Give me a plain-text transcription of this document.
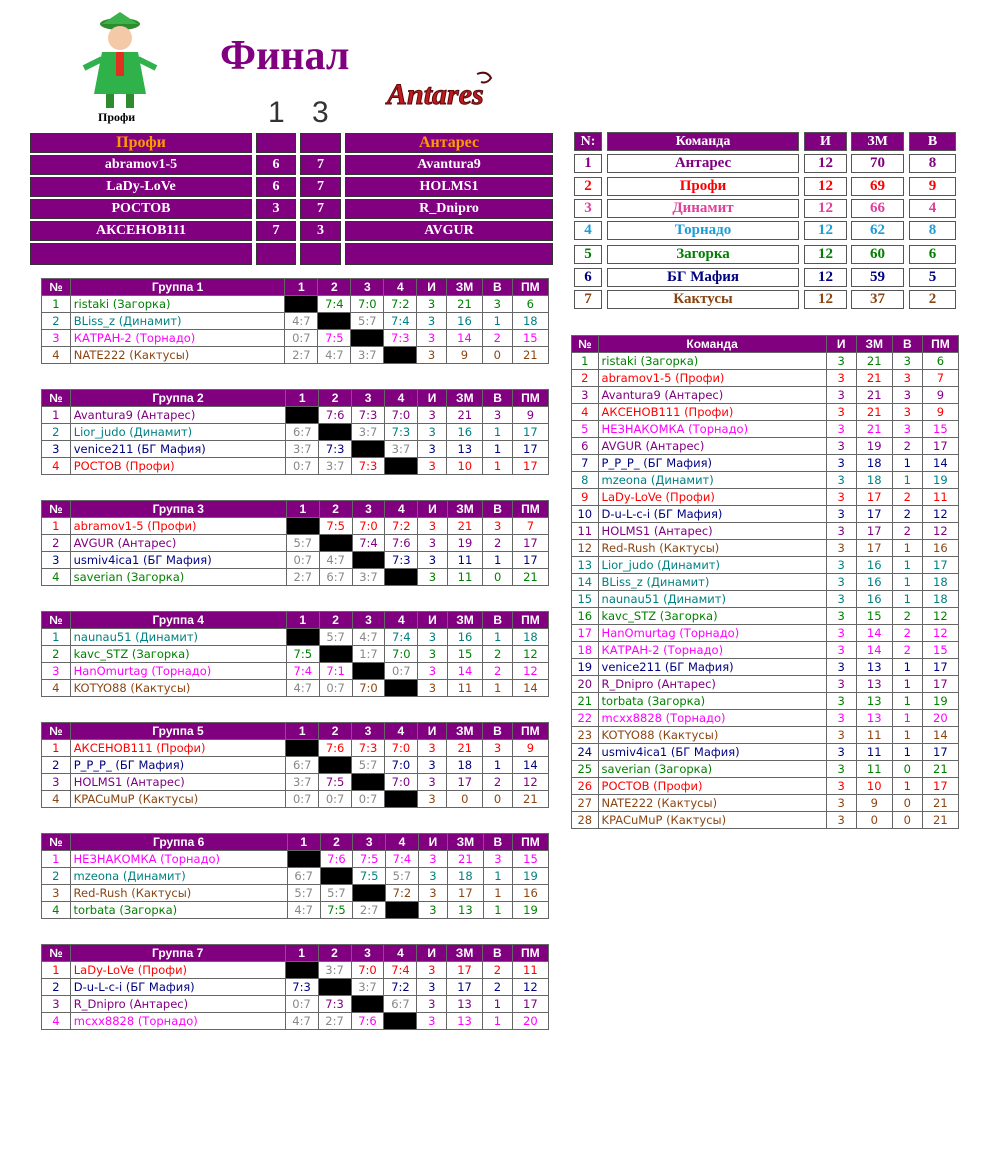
Профи
Финал
1 3
Antares
Профи	Антарес
abramov1-5	6	7	Avantura9
LaDy-LoVe	6	7	HOLMS1
РОСТОВ	3	7	R_Dnipro
АКСЕНОВ111	7	3	AVGUR
N:	Команда	И	ЗМ	В
1	Антарес	12	70	8
2	Профи	12	69	9
3	Динамит	12	66	4
4	Торнадо	12	62	8
5	Загорка	12	60	6
6	БГ Мафия	12	59	5
7	Кактусы	12	37	2
№	Группа 1	1	2	3	4	И	ЗМ	В	ПМ
1	ristaki (Загорка)		7:4	7:0	7:2	3	21	3	6
2	BLiss_z (Динамит)	4:7		5:7	7:4	3	16	1	18
3	КАТРАН-2 (Торнадо)	0:7	7:5		7:3	3	14	2	15
4	NATE222 (Кактусы)	2:7	4:7	3:7		3	9	0	21
№	Группа 2	1	2	3	4	И	ЗМ	В	ПМ
1	Avantura9 (Антарес)		7:6	7:3	7:0	3	21	3	9
2	Lior_judo (Динамит)	6:7		3:7	7:3	3	16	1	17
3	venice211 (БГ Мафия)	3:7	7:3		3:7	3	13	1	17
4	РОСТОВ (Профи)	0:7	3:7	7:3		3	10	1	17
№	Группа 3	1	2	3	4	И	ЗМ	В	ПМ
1	abramov1-5 (Профи)		7:5	7:0	7:2	3	21	3	7
2	AVGUR (Антарес)	5:7		7:4	7:6	3	19	2	17
3	usmiv4ica1 (БГ Мафия)	0:7	4:7		7:3	3	11	1	17
4	saverian (Загорка)	2:7	6:7	3:7		3	11	0	21
№	Группа 4	1	2	3	4	И	ЗМ	В	ПМ
1	naunau51 (Динамит)		5:7	4:7	7:4	3	16	1	18
2	kavc_STZ (Загорка)	7:5		1:7	7:0	3	15	2	12
3	HanOmurtag (Торнадо)	7:4	7:1		0:7	3	14	2	12
4	KOTYO88 (Кактусы)	4:7	0:7	7:0		3	11	1	14
№	Группа 5	1	2	3	4	И	ЗМ	В	ПМ
1	АКСЕНОВ111 (Профи)		7:6	7:3	7:0	3	21	3	9
2	P_P_P_ (БГ Мафия)	6:7		5:7	7:0	3	18	1	14
3	HOLMS1 (Антарес)	3:7	7:5		7:0	3	17	2	12
4	KPACuMuP (Кактусы)	0:7	0:7	0:7		3	0	0	21
№	Группа 6	1	2	3	4	И	ЗМ	В	ПМ
1	НЕЗНАКОМКА (Торнадо)		7:6	7:5	7:4	3	21	3	15
2	mzeona (Динамит)	6:7		7:5	5:7	3	18	1	19
3	Red-Rush (Кактусы)	5:7	5:7		7:2	3	17	1	16
4	torbata (Загорка)	4:7	7:5	2:7		3	13	1	19
№	Группа 7	1	2	3	4	И	ЗМ	В	ПМ
1	LaDy-LoVe (Профи)		3:7	7:0	7:4	3	17	2	11
2	D-u-L-c-i (БГ Мафия)	7:3		3:7	7:2	3	17	2	12
3	R_Dnipro (Антарес)	0:7	7:3		6:7	3	13	1	17
4	mcxx8828 (Торнадо)	4:7	2:7	7:6		3	13	1	20
№	Команда	И	ЗМ	В	ПМ
1	ristaki (Загорка)	3	21	3	6
2	abramov1-5 (Профи)	3	21	3	7
3	Avantura9 (Антарес)	3	21	3	9
4	АКСЕНОВ111 (Профи)	3	21	3	9
5	НЕЗНАКОМКА (Торнадо)	3	21	3	15
6	AVGUR (Антарес)	3	19	2	17
7	P_P_P_ (БГ Мафия)	3	18	1	14
8	mzeona (Динамит)	3	18	1	19
9	LaDy-LoVe (Профи)	3	17	2	11
10	D-u-L-c-i (БГ Мафия)	3	17	2	12
11	HOLMS1 (Антарес)	3	17	2	12
12	Red-Rush (Кактусы)	3	17	1	16
13	Lior_judo (Динамит)	3	16	1	17
14	BLiss_z (Динамит)	3	16	1	18
15	naunau51 (Динамит)	3	16	1	18
16	kavc_STZ (Загорка)	3	15	2	12
17	HanOmurtag (Торнадо)	3	14	2	12
18	КАТРАН-2 (Торнадо)	3	14	2	15
19	venice211 (БГ Мафия)	3	13	1	17
20	R_Dnipro (Антарес)	3	13	1	17
21	torbata (Загорка)	3	13	1	19
22	mcxx8828 (Торнадо)	3	13	1	20
23	KOTYO88 (Кактусы)	3	11	1	14
24	usmiv4ica1 (БГ Мафия)	3	11	1	17
25	saverian (Загорка)	3	11	0	21
26	РОСТОВ (Профи)	3	10	1	17
27	NATE222 (Кактусы)	3	9	0	21
28	KPACuMuP (Кактусы)	3	0	0	21
